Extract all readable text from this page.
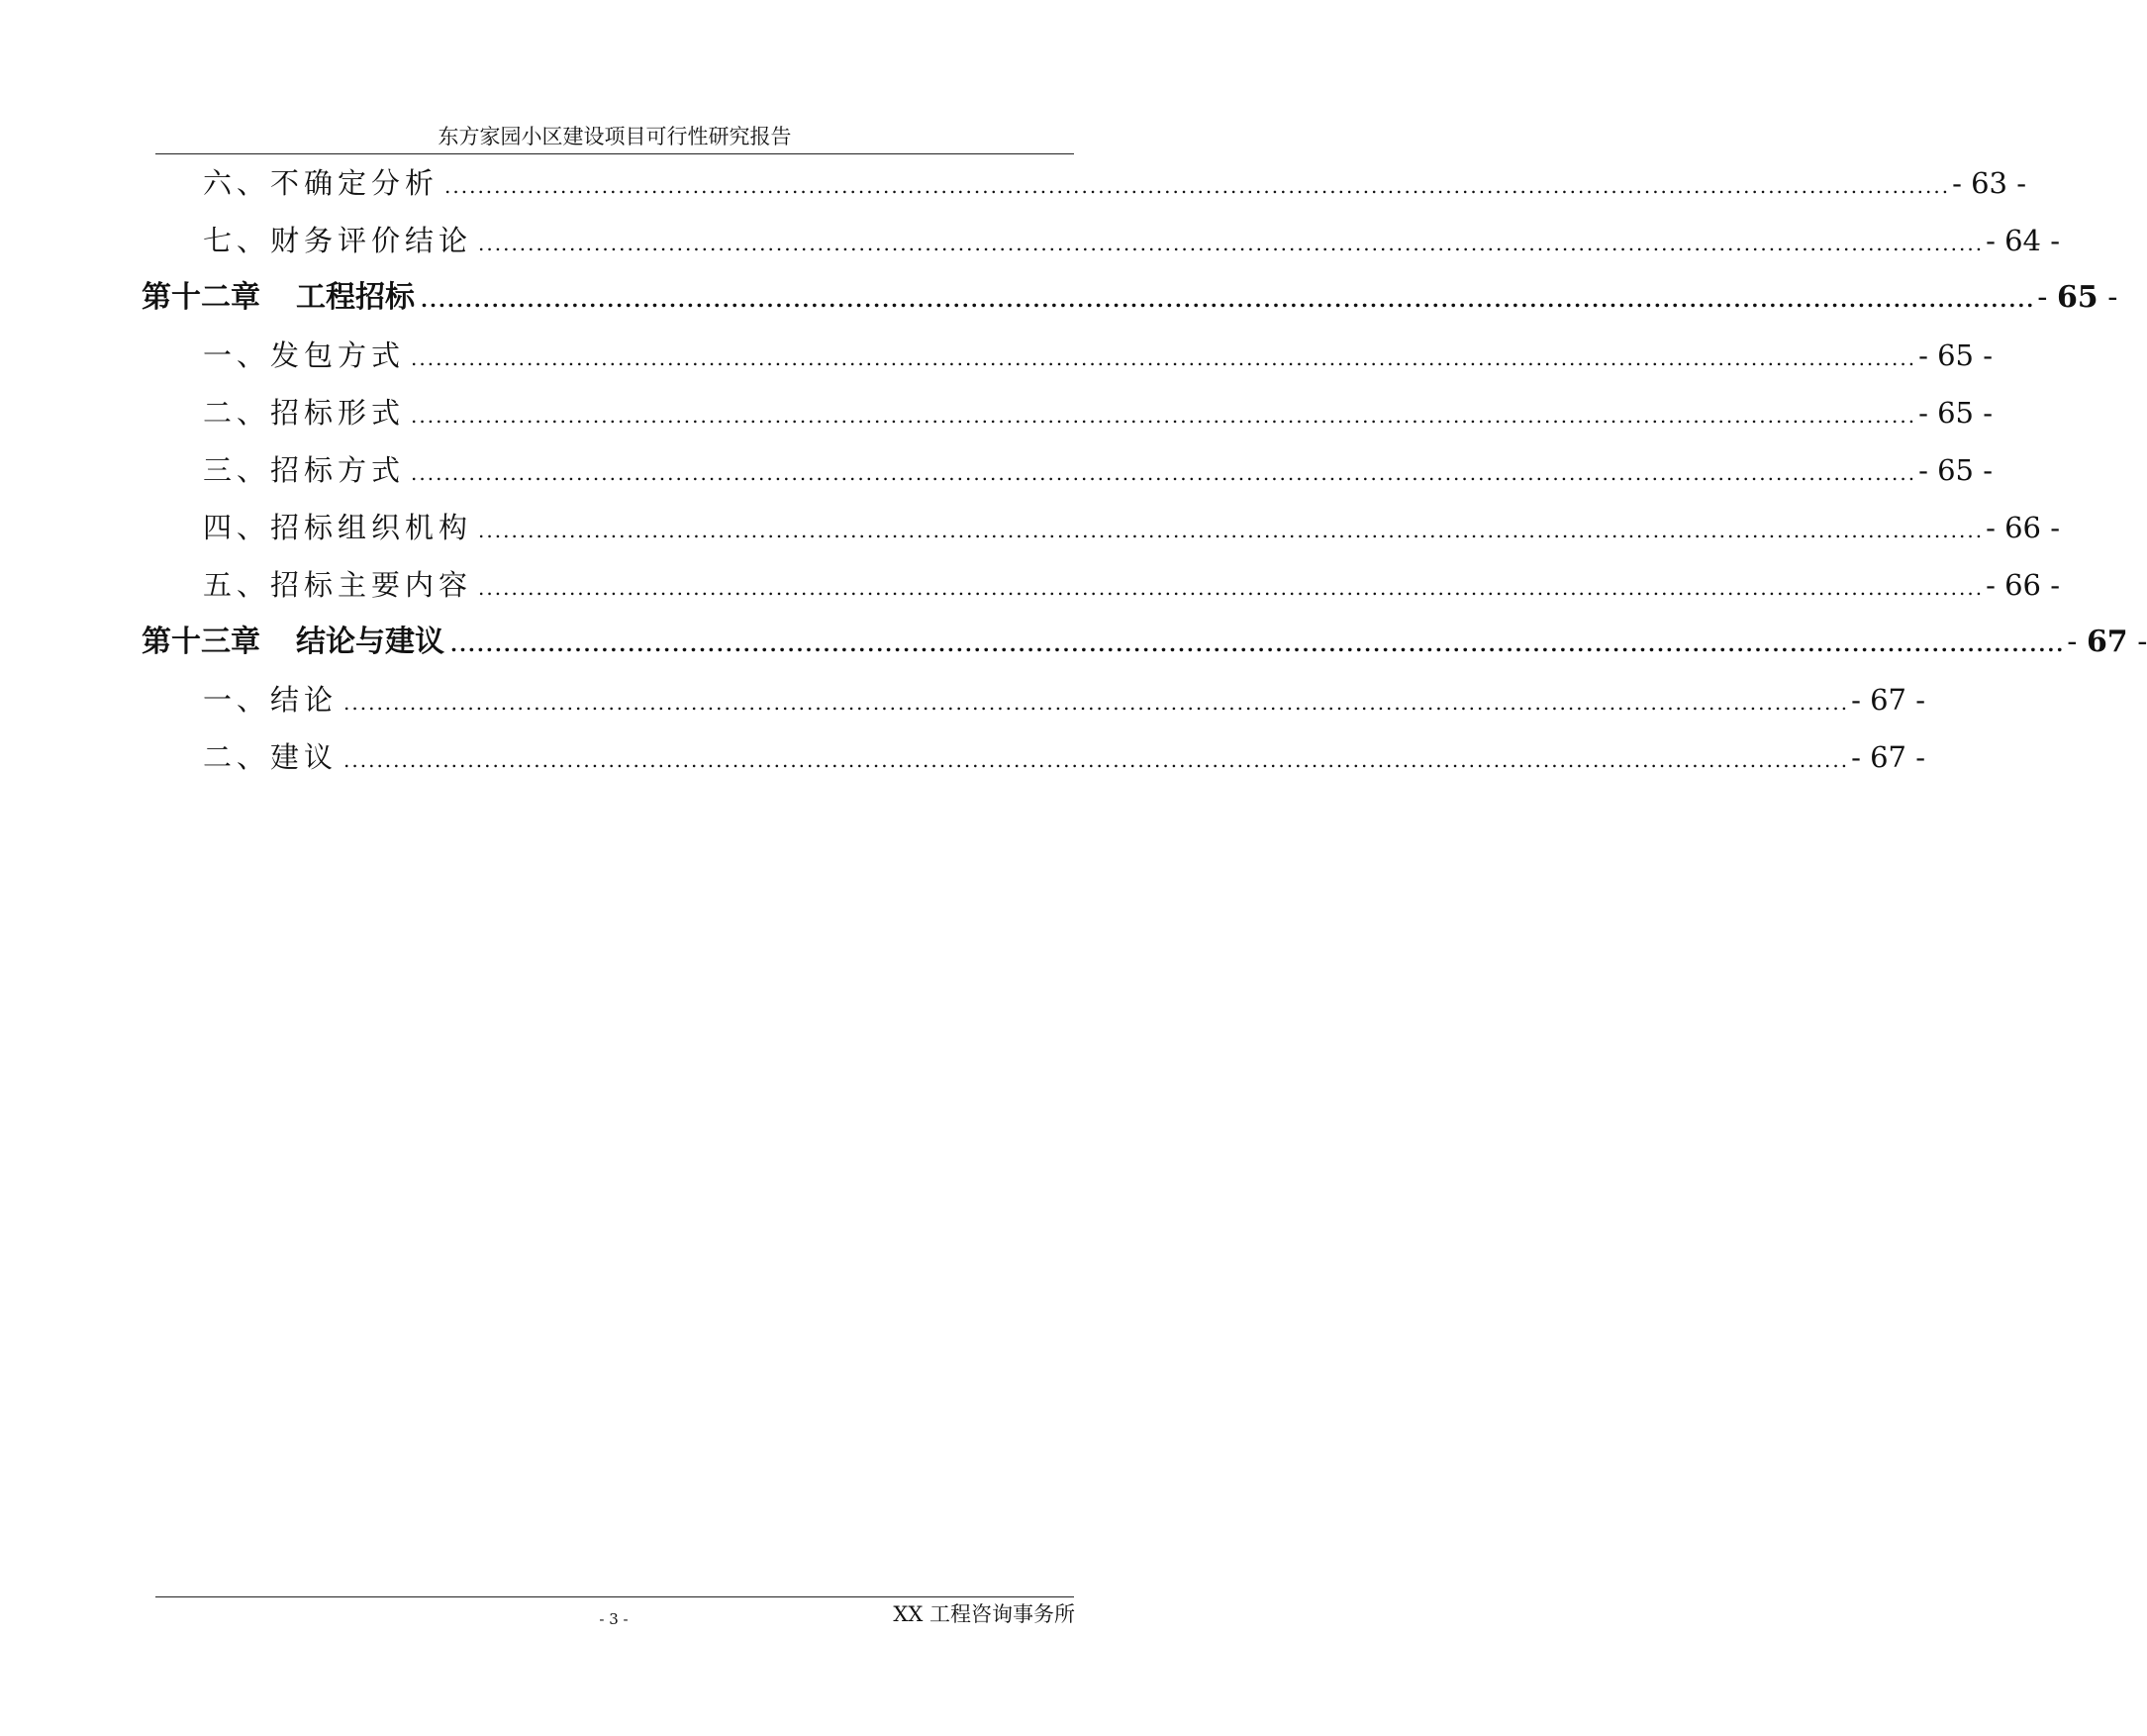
东方家园小区建设项目可行性研究报告
六、不确定分析 ...................................................................................................................................................................................... - 63 -
七、财务评价结论 ...................................................................................................................................................................................... - 64 -
第十二章 工程招标 ...................................................................................................................................................................................... - 65 -
一、发包方式 ...................................................................................................................................................................................... - 65 -
二、招标形式 ...................................................................................................................................................................................... - 65 -
三、招标方式 ...................................................................................................................................................................................... - 65 -
四、招标组织机构 ...................................................................................................................................................................................... - 66 -
五、招标主要内容 ...................................................................................................................................................................................... - 66 -
第十三章 结论与建议 ...................................................................................................................................................................................... - 67 -
一、结论 ...................................................................................................................................................................................... - 67 -
二、建议 ...................................................................................................................................................................................... - 67 -
- 3 -	XX 工程咨询事务所
